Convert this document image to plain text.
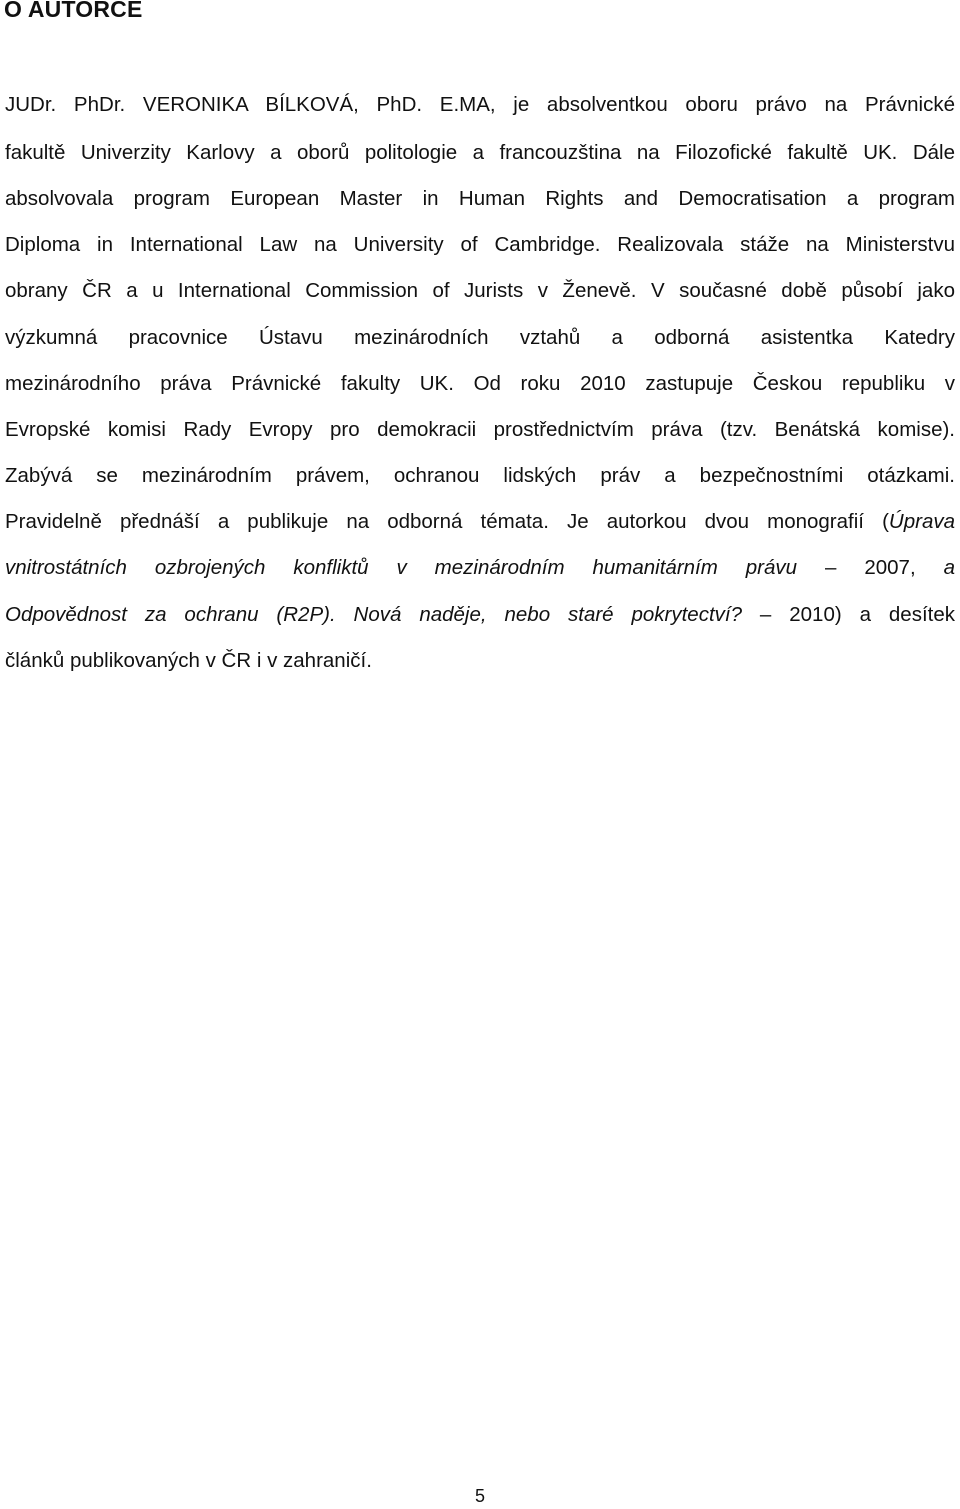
O AUTORCE
JUDr. PhDr. VERONIKA BÍLKOVÁ, PhD. E.MA, je absolventkou oboru právo na Právnické
fakultě Univerzity Karlovy a oborů politologie a francouzština na Filozofické fakultě UK. Dále
absolvovala program European Master in Human Rights and Democratisation a program
Diploma in International Law na University of Cambridge. Realizovala stáže na Ministerstvu
obrany ČR a u International Commission of Jurists v Ženevě. V současné době působí jako
výzkumná pracovnice Ústavu mezinárodních vztahů a odborná asistentka Katedry
mezinárodního práva Právnické fakulty UK. Od roku 2010 zastupuje Českou republiku v
Evropské komisi Rady Evropy pro demokracii prostřednictvím práva (tzv. Benátská komise).
Zabývá se mezinárodním právem, ochranou lidských práv a bezpečnostními otázkami.
Pravidelně přednáší a publikuje na odborná témata. Je autorkou dvou monografií (Úprava
vnitrostátních ozbrojených konfliktů v mezinárodním humanitárním právu – 2007, a
Odpovědnost za ochranu (R2P). Nová naděje, nebo staré pokrytectví? – 2010) a desítek
článků publikovaných v ČR i v zahraničí.
5
